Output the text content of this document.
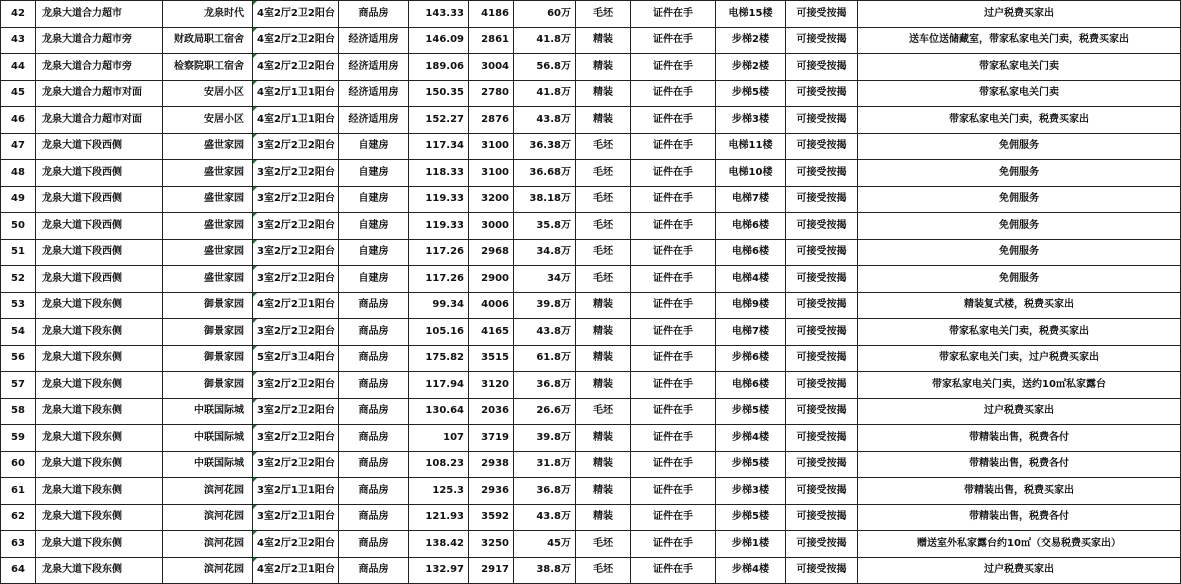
42	龙泉大道合力超市	龙泉时代	4室2厅2卫2阳台	商品房	143.33	4186	60万	毛坯	证件在手	电梯15楼	可接受按揭	过户税费买家出
43	龙泉大道合力超市旁	财政局职工宿舍	4室2厅2卫2阳台	经济适用房	146.09	2861	41.8万	精装	证件在手	步梯2楼	可接受按揭	送车位送储藏室，带家私家电关门卖，税费买家出
44	龙泉大道合力超市旁	检察院职工宿舍	4室2厅2卫2阳台	经济适用房	189.06	3004	56.8万	精装	证件在手	步梯2楼	可接受按揭	带家私家电关门卖
45	龙泉大道合力超市对面	安居小区	4室2厅1卫1阳台	经济适用房	150.35	2780	41.8万	精装	证件在手	步梯5楼	可接受按揭	带家私家电关门卖
46	龙泉大道合力超市对面	安居小区	4室2厅1卫1阳台	经济适用房	152.27	2876	43.8万	精装	证件在手	步梯3楼	可接受按揭	带家私家电关门卖，税费买家出
47	龙泉大道下段西侧	盛世家园	3室2厅2卫2阳台	自建房	117.34	3100	36.38万	毛坯	证件在手	电梯11楼	可接受按揭	免佣服务
48	龙泉大道下段西侧	盛世家园	3室2厅2卫2阳台	自建房	118.33	3100	36.68万	毛坯	证件在手	电梯10楼	可接受按揭	免佣服务
49	龙泉大道下段西侧	盛世家园	3室2厅2卫2阳台	自建房	119.33	3200	38.18万	毛坯	证件在手	电梯7楼	可接受按揭	免佣服务
50	龙泉大道下段西侧	盛世家园	3室2厅2卫2阳台	自建房	119.33	3000	35.8万	毛坯	证件在手	电梯6楼	可接受按揭	免佣服务
51	龙泉大道下段西侧	盛世家园	3室2厅2卫2阳台	自建房	117.26	2968	34.8万	毛坯	证件在手	电梯6楼	可接受按揭	免佣服务
52	龙泉大道下段西侧	盛世家园	3室2厅2卫2阳台	自建房	117.26	2900	34万	毛坯	证件在手	电梯4楼	可接受按揭	免佣服务
53	龙泉大道下段东侧	御景家园	4室2厅2卫1阳台	商品房	99.34	4006	39.8万	精装	证件在手	电梯9楼	可接受按揭	精装复式楼，税费买家出
54	龙泉大道下段东侧	御景家园	3室2厅2卫2阳台	商品房	105.16	4165	43.8万	精装	证件在手	电梯7楼	可接受按揭	带家私家电关门卖，税费买家出
56	龙泉大道下段东侧	御景家园	5室2厅3卫4阳台	商品房	175.82	3515	61.8万	精装	证件在手	步梯6楼	可接受按揭	带家私家电关门卖，过户税费买家出
57	龙泉大道下段东侧	御景家园	3室2厅2卫2阳台	商品房	117.94	3120	36.8万	精装	证件在手	电梯6楼	可接受按揭	带家私家电关门卖，送约10㎡私家露台
58	龙泉大道下段东侧	中联国际城	3室2厅2卫2阳台	商品房	130.64	2036	26.6万	毛坯	证件在手	步梯5楼	可接受按揭	过户税费买家出
59	龙泉大道下段东侧	中联国际城	3室2厅2卫2阳台	商品房	107	3719	39.8万	精装	证件在手	步梯4楼	可接受按揭	带精装出售，税费各付
60	龙泉大道下段东侧	中联国际城	3室2厅2卫2阳台	商品房	108.23	2938	31.8万	精装	证件在手	步梯5楼	可接受按揭	带精装出售，税费各付
61	龙泉大道下段东侧	滨河花园	3室2厅1卫1阳台	商品房	125.3	2936	36.8万	精装	证件在手	步梯3楼	可接受按揭	带精装出售，税费买家出
62	龙泉大道下段东侧	滨河花园	3室2厅2卫1阳台	商品房	121.93	3592	43.8万	精装	证件在手	步梯5楼	可接受按揭	带精装出售，税费各付
63	龙泉大道下段东侧	滨河花园	4室2厅2卫2阳台	商品房	138.42	3250	45万	毛坯	证件在手	步梯1楼	可接受按揭	赠送室外私家露台约10㎡（交易税费买家出）
64	龙泉大道下段东侧	滨河花园	4室2厅2卫1阳台	商品房	132.97	2917	38.8万	毛坯	证件在手	步梯4楼	可接受按揭	过户税费买家出
